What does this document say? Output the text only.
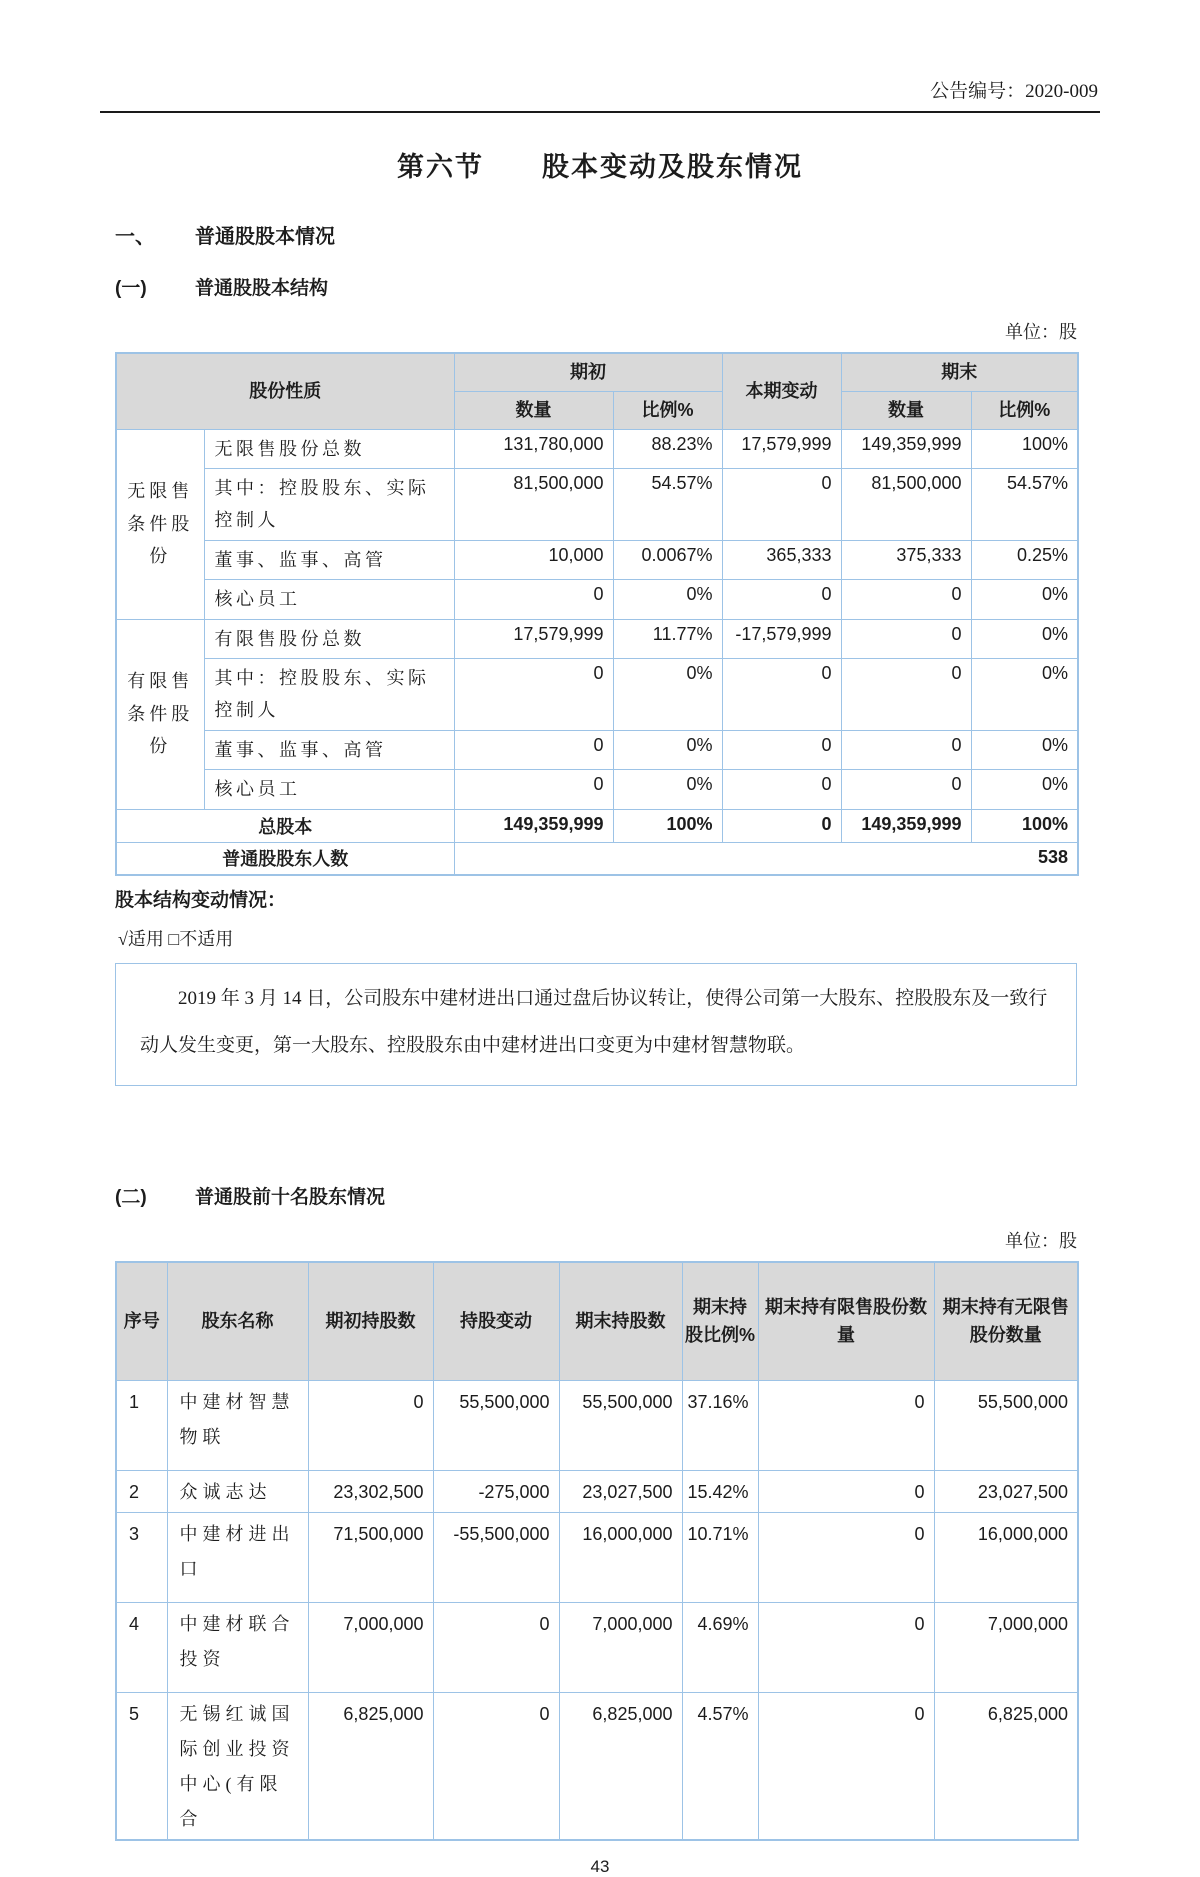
公告编号：2020-009
第六节　　股本变动及股东情况
一、 普通股股本情况
(一)	普通股股本结构
单位：股
股份性质		期初		本期变动	期末	
		数量	比例%		数量	比例%
无限售条件股份	无限售股份总数	131,780,000	88.23%	17,579,999	149,359,999	100%
	其中：控股股东、实际控制人	81,500,000	54.57%	0	81,500,000	54.57%
	董事、监事、高管	10,000	0.0067%	365,333	375,333	0.25%
	核心员工	0	0%	0	0	0%
有限售条件股份	有限售股份总数	17,579,999	11.77%	-17,579,999	0	0%
	其中：控股股东、实际控制人	0	0%	0	0	0%
	董事、监事、高管	0	0%	0	0	0%
	核心员工	0	0%	0	0	0%
总股本		149,359,999	100%	0	149,359,999	100%
普通股股东人数		538				
股本结构变动情况：
√适用 □不适用

2019 年 3 月 14 日，公司股东中建材进出口通过盘后协议转让，使得公司第一大股东、控股股东及一致行动人发生变更，第一大股东、控股股东由中建材进出口变更为中建材智慧物联。

(二)	普通股前十名股东情况
单位：股
序号	股东名称	期初持股数	持股变动	期末持股数	期末持股比例%	期末持有限售股份数量	期末持有无限售股份数量
1	中建材智慧物联	0	55,500,000	55,500,000	37.16%	0	55,500,000
2	众诚志达	23,302,500	-275,000	23,027,500	15.42%	0	23,027,500
3	中建材进出口	71,500,000	-55,500,000	16,000,000	10.71%	0	16,000,000
4	中建材联合投资	7,000,000	0	7,000,000	4.69%	0	7,000,000
5	无锡红诚国际创业投资中心(有限合	6,825,000	0	6,825,000	4.57%	0	6,825,000
43
